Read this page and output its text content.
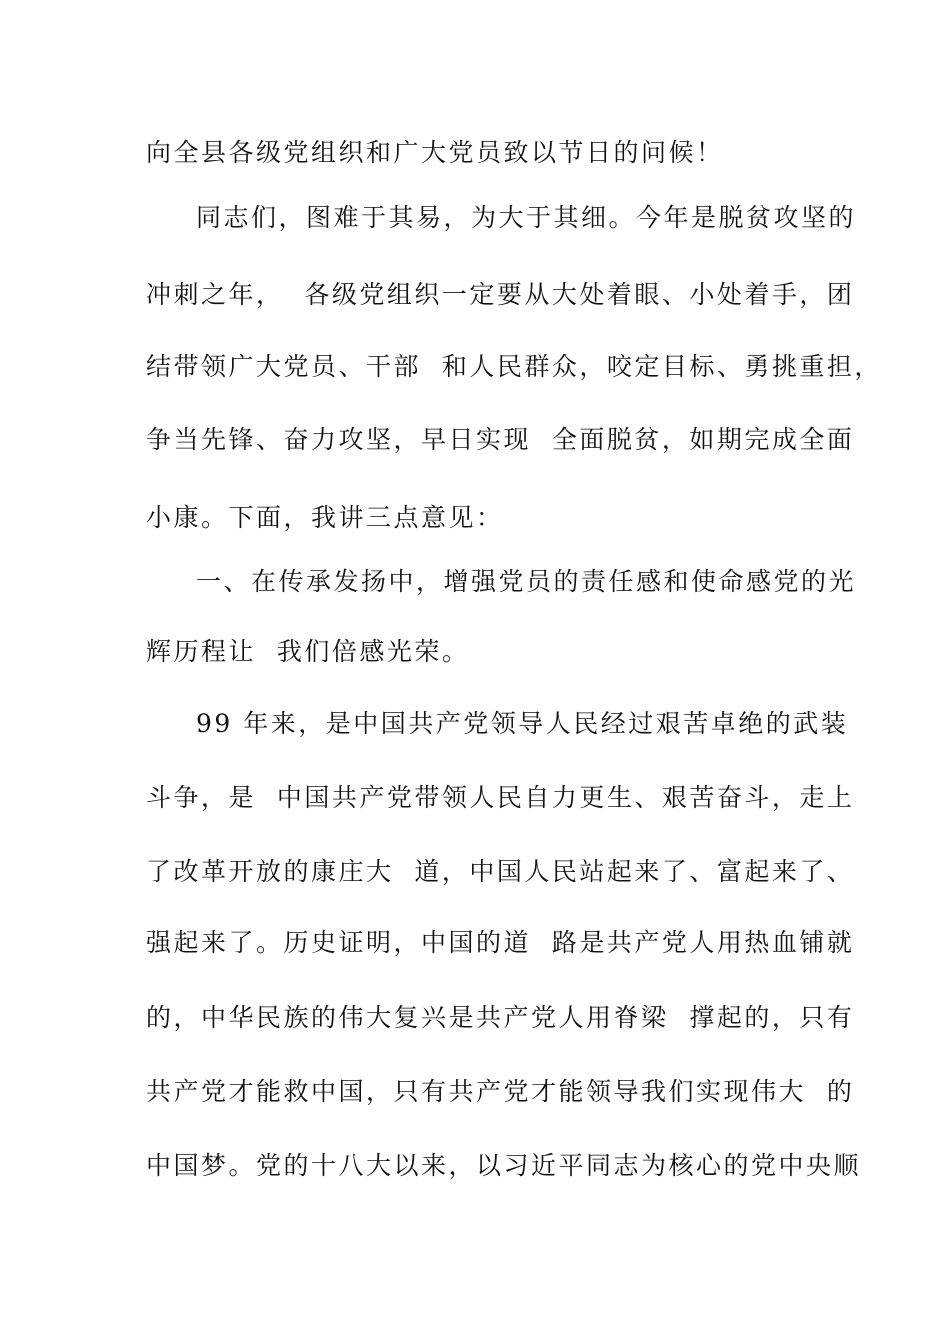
向全县各级党组织和广大党员致以节日的问候！
同志们，图难于其易，为大于其细。今年是脱贫攻坚的
冲刺之年，  各级党组织一定要从大处着眼、小处着手，团
结带领广大党员、干部  和人民群众，咬定目标、勇挑重担，
争当先锋、奋力攻坚，早日实现  全面脱贫，如期完成全面
小康。下面，我讲三点意见：
一、在传承发扬中，增强党员的责任感和使命感党的光
辉历程让  我们倍感光荣。
99 年来，是中国共产党领导人民经过艰苦卓绝的武装
斗争，是  中国共产党带领人民自力更生、艰苦奋斗，走上
了改革开放的康庄大  道，中国人民站起来了、富起来了、
强起来了。历史证明，中国的道  路是共产党人用热血铺就
的，中华民族的伟大复兴是共产党人用脊梁  撑起的，只有
共产党才能救中国，只有共产党才能领导我们实现伟大  的
中国梦。党的十八大以来，以习近平同志为核心的党中央顺
